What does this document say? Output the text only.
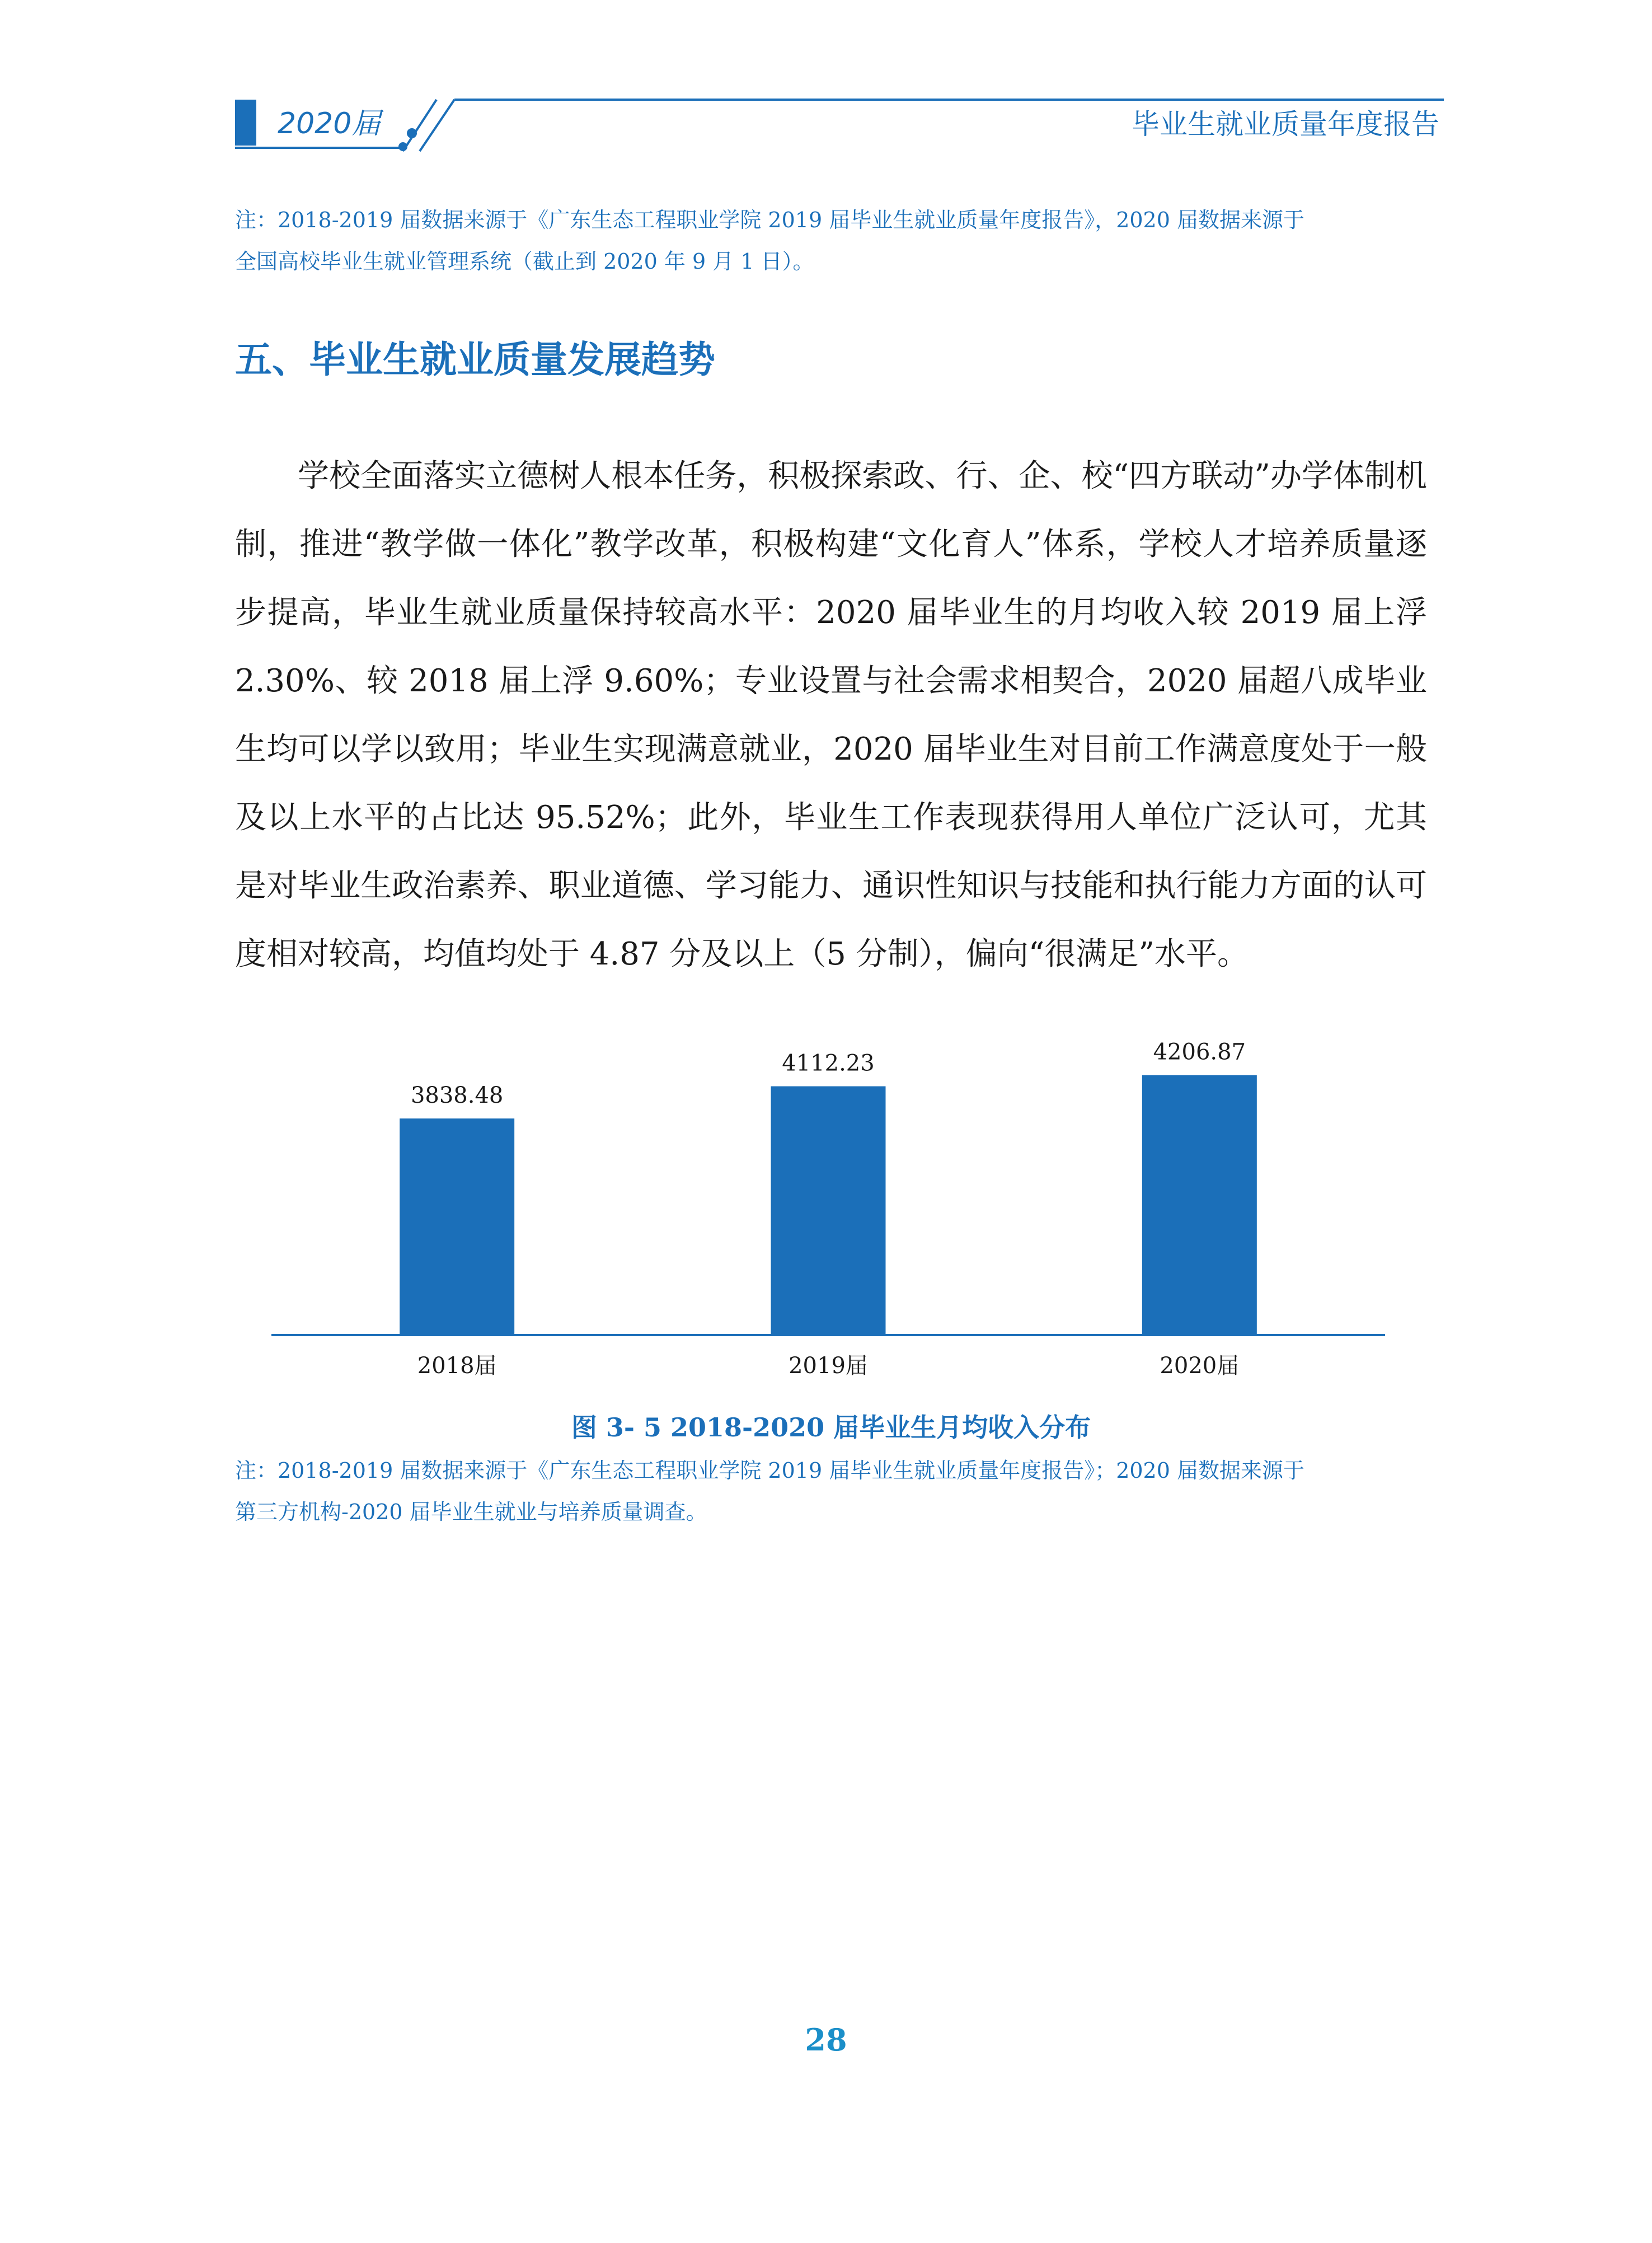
2020届	毕业生就业质量年度报告

注：2018-2019 届数据来源于《广东生态工程职业学院 2019 届毕业生就业质量年度报告》，2020 届数据来源于

全国高校毕业生就业管理系统（截止到 2020 年 9 月 1 日）。

五、毕业生就业质量发展趋势

学校全面落实立德树人根本任务，积极探索政、行、企、校“四方联动”办学体制机制，推进“教学做一体化”教学改革，积极构建“文化育人”体系，学校人才培养质量逐步提高，毕业生就业质量保持较高水平：2020 届毕业生的月均收入较 2019 届上浮 2.30%、较 2018 届上浮 9.60%；专业设置与社会需求相契合，2020 届超八成毕业生均可以学以致用；毕业生实现满意就业，2020 届毕业生对目前工作满意度处于一般及以上水平的占比达 95.52%；此外，毕业生工作表现获得用人单位广泛认可，尤其是对毕业生政治素养、职业道德、学习能力、通识性知识与技能和执行能力方面的认可度相对较高，均值均处于 4.87 分及以上（5 分制），偏向“很满足”水平。

3838.48
2018届
4112.23
2019届
4206.87
2020届

图 3- 5 2018-2020 届毕业生月均收入分布

注：2018-2019 届数据来源于《广东生态工程职业学院 2019 届毕业生就业质量年度报告》；2020 届数据来源于

第三方机构-2020 届毕业生就业与培养质量调查。

28
